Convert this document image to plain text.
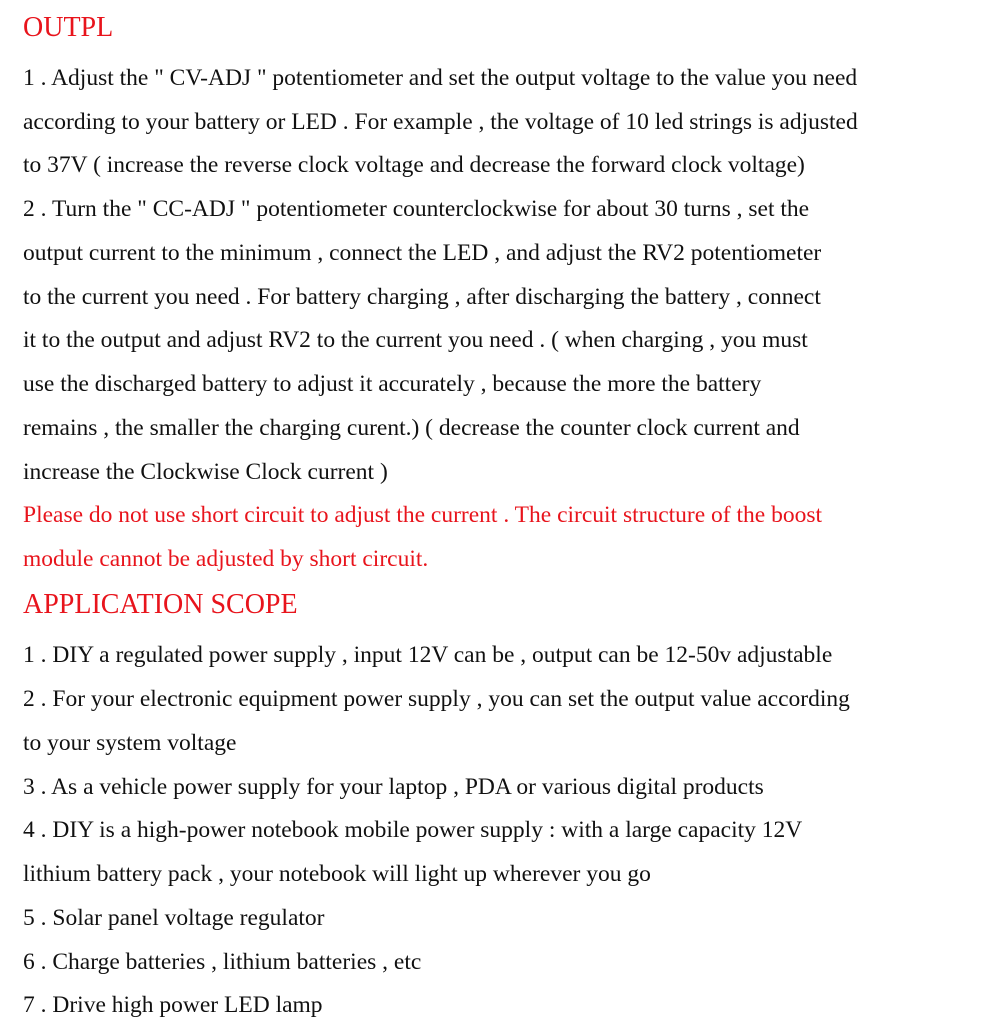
OUTPL

1 . Adjust the " CV-ADJ " potentiometer and set the output voltage to the value you need

according to your battery or LED . For example , the voltage of 10 led strings is adjusted

to 37V ( increase the reverse clock voltage and decrease the forward clock voltage)

2 . Turn the " CC-ADJ " potentiometer counterclockwise for about 30 turns , set the

output current to the minimum , connect the LED , and adjust the RV2 potentiometer

to the current you need . For battery charging , after discharging the battery , connect

it to the output and adjust RV2 to the current you need . ( when charging , you must

use the discharged battery to adjust it accurately , because the more the battery

remains , the smaller the charging curent.) ( decrease the counter clock current and

increase the Clockwise Clock current )

Please do not use short circuit to adjust the current . The circuit structure of the boost

module cannot be adjusted by short circuit.

APPLICATION SCOPE

1 . DIY a regulated power supply , input 12V can be , output can be 12-50v adjustable

2 . For your electronic equipment power supply , you can set the output value according

to your system voltage

3 . As a vehicle power supply for your laptop , PDA or various digital products

4 . DIY is a high-power notebook mobile power supply : with a large capacity 12V

lithium battery pack , your notebook will light up wherever you go

5 . Solar panel voltage regulator

6 . Charge batteries , lithium batteries , etc

7 . Drive high power LED lamp
